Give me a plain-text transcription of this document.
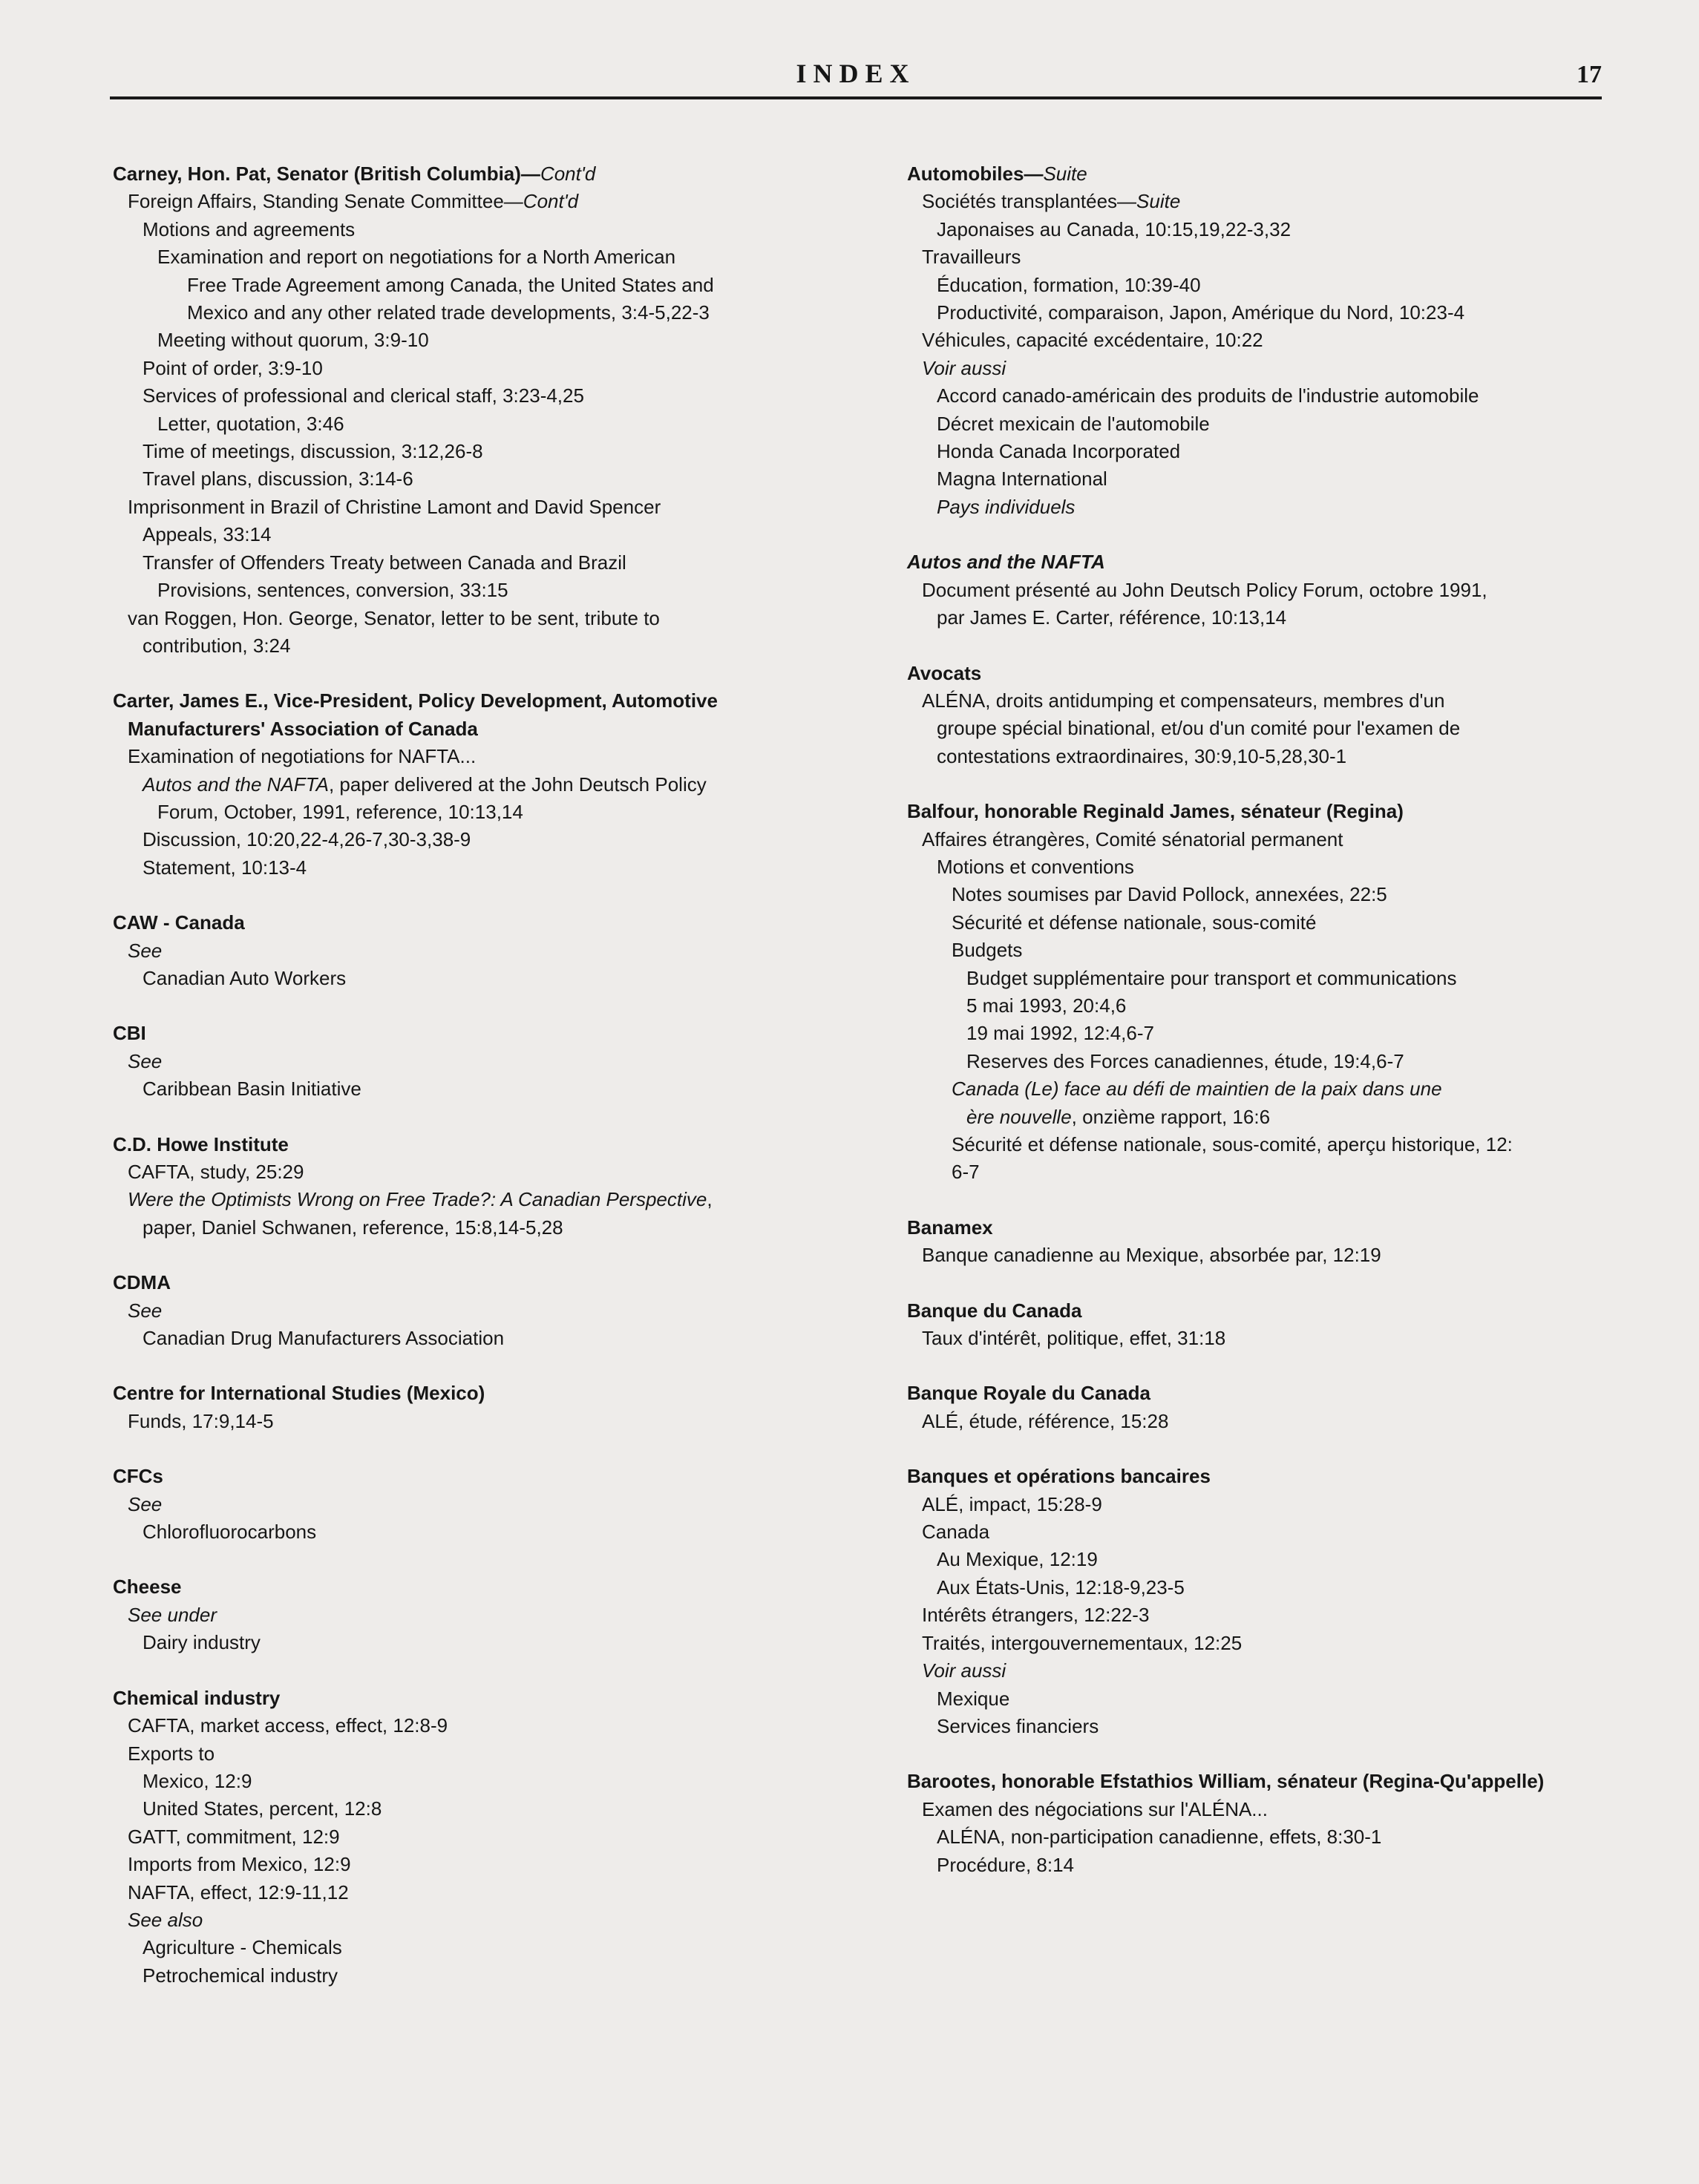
INDEX	17
Carney, Hon. Pat, Senator (British Columbia)—Cont'd
Foreign Affairs, Standing Senate Committee—Cont'd
Motions and agreements
Examination and report on negotiations for a North American
Free Trade Agreement among Canada, the United States and
Mexico and any other related trade developments, 3:4-5,22-3
Meeting without quorum, 3:9-10
Point of order, 3:9-10
Services of professional and clerical staff, 3:23-4,25
Letter, quotation, 3:46
Time of meetings, discussion, 3:12,26-8
Travel plans, discussion, 3:14-6
Imprisonment in Brazil of Christine Lamont and David Spencer
Appeals, 33:14
Transfer of Offenders Treaty between Canada and Brazil
Provisions, sentences, conversion, 33:15
van Roggen, Hon. George, Senator, letter to be sent, tribute to
contribution, 3:24
Carter, James E., Vice-President, Policy Development, Automotive
Manufacturers' Association of Canada
Examination of negotiations for NAFTA...
Autos and the NAFTA, paper delivered at the John Deutsch Policy
Forum, October, 1991, reference, 10:13,14
Discussion, 10:20,22-4,26-7,30-3,38-9
Statement, 10:13-4
CAW - Canada
See
Canadian Auto Workers
CBI
See
Caribbean Basin Initiative
C.D. Howe Institute
CAFTA, study, 25:29
Were the Optimists Wrong on Free Trade?: A Canadian Perspective,
paper, Daniel Schwanen, reference, 15:8,14-5,28
CDMA
See
Canadian Drug Manufacturers Association
Centre for International Studies (Mexico)
Funds, 17:9,14-5
CFCs
See
Chlorofluorocarbons
Cheese
See under
Dairy industry
Chemical industry
CAFTA, market access, effect, 12:8-9
Exports to
Mexico, 12:9
United States, percent, 12:8
GATT, commitment, 12:9
Imports from Mexico, 12:9
NAFTA, effect, 12:9-11,12
See also
Agriculture - Chemicals
Petrochemical industry
Automobiles—Suite
Sociétés transplantées—Suite
Japonaises au Canada, 10:15,19,22-3,32
Travailleurs
Éducation, formation, 10:39-40
Productivité, comparaison, Japon, Amérique du Nord, 10:23-4
Véhicules, capacité excédentaire, 10:22
Voir aussi
Accord canado-américain des produits de l'industrie automobile
Décret mexicain de l'automobile
Honda Canada Incorporated
Magna International
Pays individuels
Autos and the NAFTA
Document présenté au John Deutsch Policy Forum, octobre 1991,
par James E. Carter, référence, 10:13,14
Avocats
ALÉNA, droits antidumping et compensateurs, membres d'un
groupe spécial binational, et/ou d'un comité pour l'examen de
contestations extraordinaires, 30:9,10-5,28,30-1
Balfour, honorable Reginald James, sénateur (Regina)
Affaires étrangères, Comité sénatorial permanent
Motions et conventions
Notes soumises par David Pollock, annexées, 22:5
Sécurité et défense nationale, sous-comité
Budgets
Budget supplémentaire pour transport et communications
5 mai 1993, 20:4,6
19 mai 1992, 12:4,6-7
Reserves des Forces canadiennes, étude, 19:4,6-7
Canada (Le) face au défi de maintien de la paix dans une
ère nouvelle, onzième rapport, 16:6
Sécurité et défense nationale, sous-comité, aperçu historique, 12:
6-7
Banamex
Banque canadienne au Mexique, absorbée par, 12:19
Banque du Canada
Taux d'intérêt, politique, effet, 31:18
Banque Royale du Canada
ALÉ, étude, référence, 15:28
Banques et opérations bancaires
ALÉ, impact, 15:28-9
Canada
Au Mexique, 12:19
Aux États-Unis, 12:18-9,23-5
Intérêts étrangers, 12:22-3
Traités, intergouvernementaux, 12:25
Voir aussi
Mexique
Services financiers
Barootes, honorable Efstathios William, sénateur (Regina-Qu'appelle)
Examen des négociations sur l'ALÉNA...
ALÉNA, non-participation canadienne, effets, 8:30-1
Procédure, 8:14
